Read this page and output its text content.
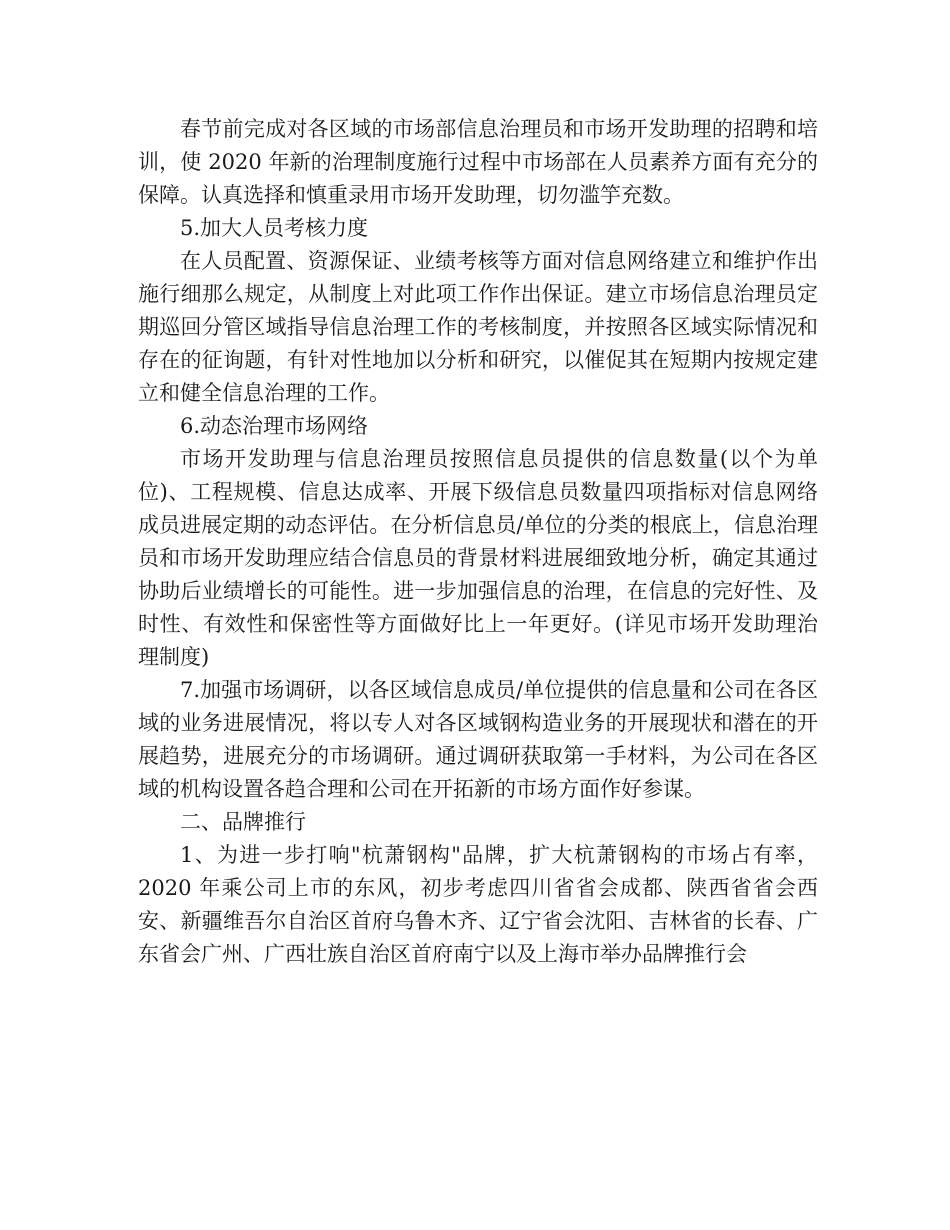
春节前完成对各区域的市场部信息治理员和市场开发助理的招聘和培训，使 2020 年新的治理制度施行过程中市场部在人员素养方面有充分的保障。认真选择和慎重录用市场开发助理，切勿滥竽充数。

5.加大人员考核力度

在人员配置、资源保证、业绩考核等方面对信息网络建立和维护作出施行细那么规定，从制度上对此项工作作出保证。建立市场信息治理员定期巡回分管区域指导信息治理工作的考核制度，并按照各区域实际情况和存在的征询题，有针对性地加以分析和研究，以催促其在短期内按规定建立和健全信息治理的工作。

6.动态治理市场网络

市场开发助理与信息治理员按照信息员提供的信息数量(以个为单位)、工程规模、信息达成率、开展下级信息员数量四项指标对信息网络成员进展定期的动态评估。在分析信息员/单位的分类的根底上，信息治理员和市场开发助理应结合信息员的背景材料进展细致地分析，确定其通过协助后业绩增长的可能性。进一步加强信息的治理，在信息的完好性、及时性、有效性和保密性等方面做好比上一年更好。(详见市场开发助理治理制度)

7.加强市场调研，以各区域信息成员/单位提供的信息量和公司在各区域的业务进展情况，将以专人对各区域钢构造业务的开展现状和潜在的开展趋势，进展充分的市场调研。通过调研获取第一手材料，为公司在各区域的机构设置各趋合理和公司在开拓新的市场方面作好参谋。

二、品牌推行

1、为进一步打响"杭萧钢构"品牌，扩大杭萧钢构的市场占有率，2020 年乘公司上市的东风，初步考虑四川省省会成都、陕西省省会西安、新疆维吾尔自治区首府乌鲁木齐、辽宁省会沈阳、吉林省的长春、广东省会广州、广西壮族自治区首府南宁以及上海市举办品牌推行会
